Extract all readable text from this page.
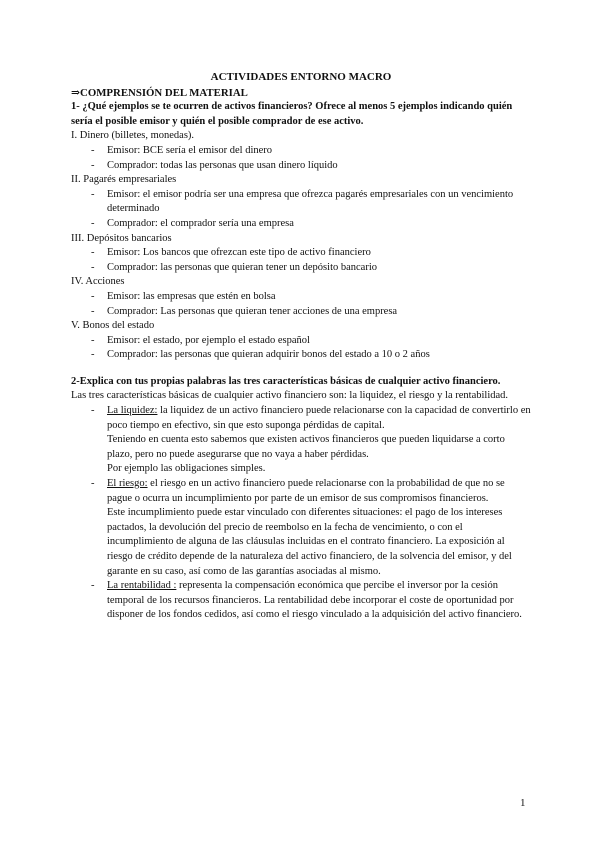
ACTIVIDADES ENTORNO MACRO
⇒COMPRENSIÓN DEL MATERIAL
1- ¿Qué ejemplos se te ocurren de activos financieros? Ofrece al menos 5 ejemplos indicando quién sería el posible emisor y quién el posible comprador de ese activo.
I. Dinero (billetes, monedas).
- Emisor: BCE sería el emisor del dinero
- Comprador: todas las personas que usan dinero líquido
II. Pagarés empresariales
- Emisor: el emisor podría ser una empresa que ofrezca pagarés empresariales con un vencimiento determinado
- Comprador: el comprador sería una empresa
III. Depósitos bancarios
- Emisor: Los bancos que ofrezcan este tipo de activo financiero
- Comprador: las personas que quieran tener un depósito bancario
IV. Acciones
- Emisor: las empresas que estén en bolsa
- Comprador: Las personas que quieran tener acciones de una empresa
V. Bonos del estado
- Emisor: el estado, por ejemplo el estado español
- Comprador: las personas que quieran adquirir bonos del estado a 10 o 2 años
2-Explica con tus propias palabras las tres características básicas de cualquier activo financiero.
Las tres características básicas de cualquier activo financiero son: la liquidez, el riesgo y la rentabilidad.
- La liquidez: la liquidez de un activo financiero puede relacionarse con la capacidad de convertirlo en poco tiempo en efectivo, sin que esto suponga pérdidas de capital.
Teniendo en cuenta esto sabemos que existen activos financieros que pueden liquidarse a corto plazo, pero no puede asegurarse que no vaya a haber pérdidas.
Por ejemplo las obligaciones simples.
- El riesgo: el riesgo en un activo financiero puede relacionarse con la probabilidad de que no se pague o ocurra un incumplimiento por parte de un emisor de sus compromisos financieros.
Este incumplimiento puede estar vinculado con diferentes situaciones: el pago de los intereses pactados, la devolución del precio de reembolso en la fecha de vencimiento, o con el incumplimiento de alguna de las cláusulas incluidas en el contrato financiero. La exposición al riesgo de crédito depende de la naturaleza del activo financiero, de la solvencia del emisor, y del garante en su caso, así como de las garantías asociadas al mismo.
- La rentabilidad : representa la compensación económica que percibe el inversor por la cesión temporal de los recursos financieros. La rentabilidad debe incorporar el coste de oportunidad por disponer de los fondos cedidos, así como el riesgo vinculado a la adquisición del activo financiero.
1
